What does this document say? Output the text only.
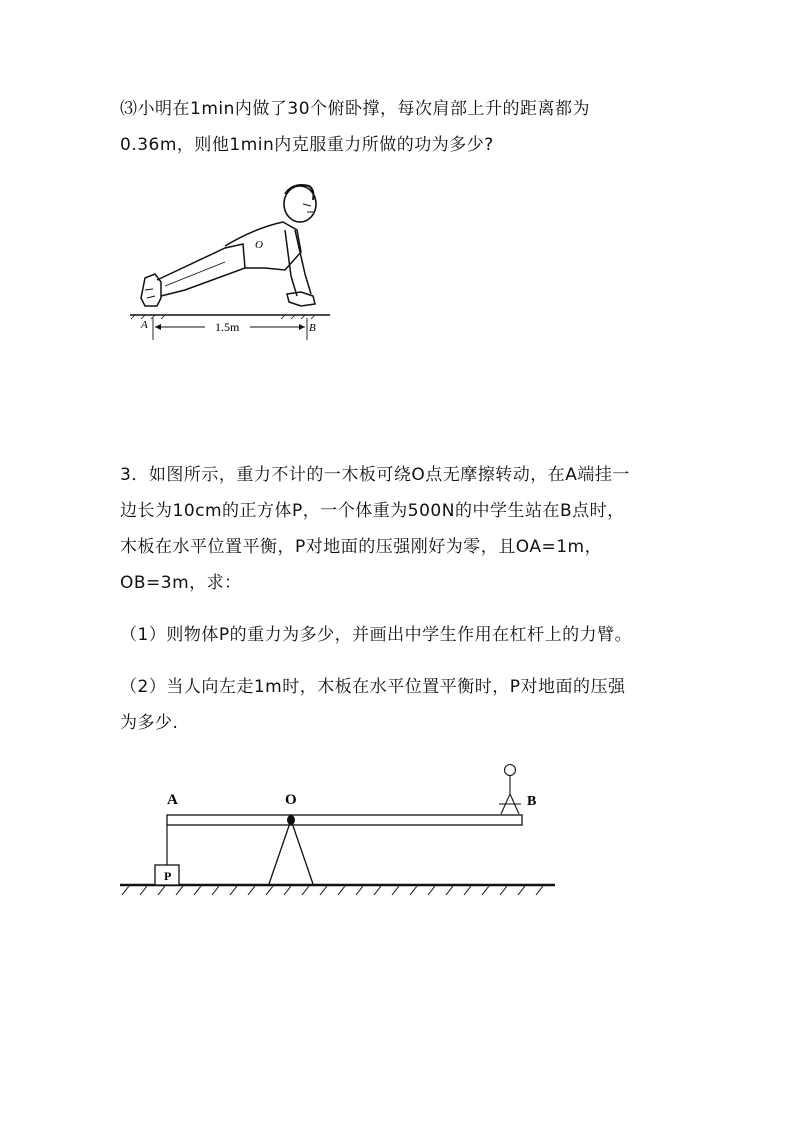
⑶小明在1min内做了30个俯卧撑，每次肩部上升的距离都为
0.36m，则他1min内克服重力所做的功为多少?
O
A	1.5m	B
3．如图所示，重力不计的一木板可绕O点无摩擦转动，在A端挂一
边长为10cm的正方体P，一个体重为500N的中学生站在B点时，
木板在水平位置平衡，P对地面的压强刚好为零，且OA=1m，
OB=3m，求：
（1）则物体P的重力为多少，并画出中学生作用在杠杆上的力臂。
（2）当人向左走1m时，木板在水平位置平衡时，P对地面的压强
为多少.
P
A	O	B
